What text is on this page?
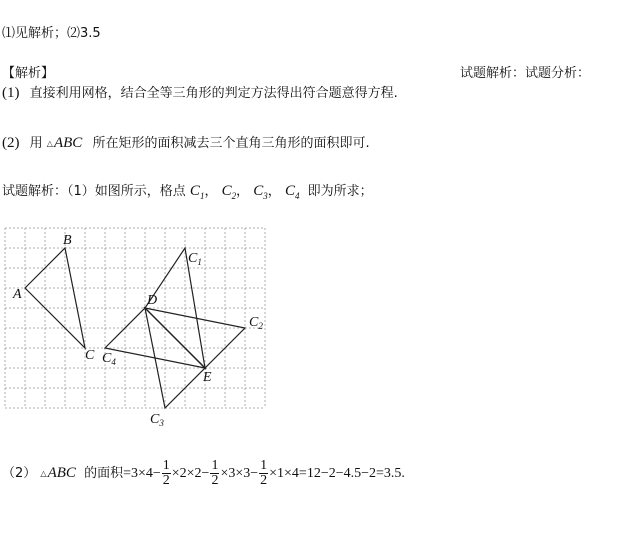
⑴见解析；⑵3.5
【解析】	试题解析：试题分析：
(1) 直接利用网格，结合全等三角形的判定方法得出符合题意得方程.
(2) 用 △ABC 所在矩形的面积减去三个直角三角形的面积即可.
试题解析：（1）如图所示，格点 $C_1$， $C_2$， $C_3$， $C_4$ 即为所求；
A
B
C
D
E
$C_1$
$C_2$
$C_3$
$C_4$
（2） △ABC 的面积$=3\times 4- \frac{1}{2} \times 2\times 2- \frac{1}{2} \times 3\times 3- \frac{1}{2} \times 1\times 4=12-2-4.5-2=3.5$.
